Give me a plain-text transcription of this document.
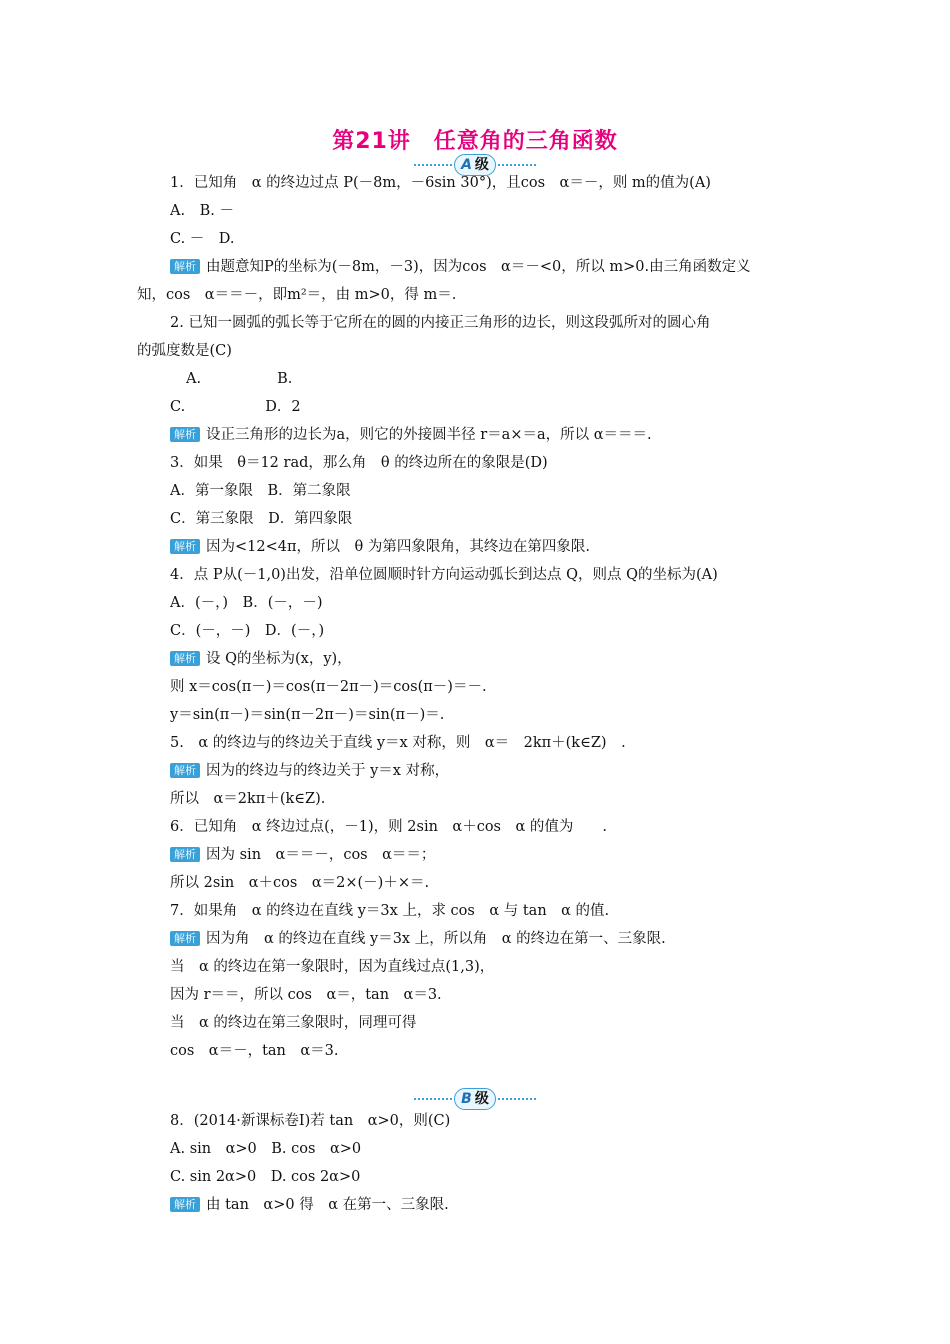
第21讲　任意角的三角函数
A 级
1．已知角　α 的终边过点 P(－8m，－6sin 30°)，且cos　α＝－，则 m的值为(A)
A.　B. －
C. －　D.
解析 由题意知P的坐标为(－8m，－3)，因为cos　α＝－<0，所以 m>0.由三角函数定义
知，cos　α＝＝－，即m²＝，由 m>0，得 m＝.
2. 已知一圆弧的弧长等于它所在的圆的内接正三角形的边长，则这段弧所对的圆心角
的弧度数是(C)
A.	B.
C.	D．2
解析 设正三角形的边长为a，则它的外接圆半径 r＝a×＝a，所以 α＝＝＝.
3．如果　θ＝12 rad，那么角　θ 的终边所在的象限是(D)
A．第一象限　B．第二象限
C．第三象限　D．第四象限
解析 因为<12<4π，所以　θ 为第四象限角，其终边在第四象限.
4．点 P从(－1,0)出发，沿单位圆顺时针方向运动弧长到达点 Q，则点 Q的坐标为(A)
A．(－，)　B．(－，－)
C．(－，－)　D．(－，)
解析 设 Q的坐标为(x，y)，
则 x＝cos(π－)＝cos(π－2π－)＝cos(π－)＝－.
y＝sin(π－)＝sin(π－2π－)＝sin(π－)＝.
5.　α 的终边与的终边关于直线 y＝x 对称，则　α＝　2kπ＋(k∈Z)　.
解析 因为的终边与的终边关于 y＝x 对称，
所以　α＝2kπ＋(k∈Z).
6．已知角　α 终边过点(，－1)，则 2sin　α＋cos　α 的值为　　.
解析 因为 sin　α＝＝－，cos　α＝＝；
所以 2sin　α＋cos　α＝2×(－)＋×＝.
7．如果角　α 的终边在直线 y＝3x 上，求 cos　α 与 tan　α 的值.
解析 因为角　α 的终边在直线 y＝3x 上，所以角　α 的终边在第一、三象限.
当　α 的终边在第一象限时，因为直线过点(1,3)，
因为 r＝＝，所以 cos　α＝，tan　α＝3.
当　α 的终边在第三象限时，同理可得
cos　α＝－，tan　α＝3.
B 级
8．(2014·新课标卷Ⅰ)若 tan　α>0，则(C)
A. sin　α>0　B. cos　α>0
C. sin 2α>0　D. cos 2α>0
解析 由 tan　α>0 得　α 在第一、三象限.
